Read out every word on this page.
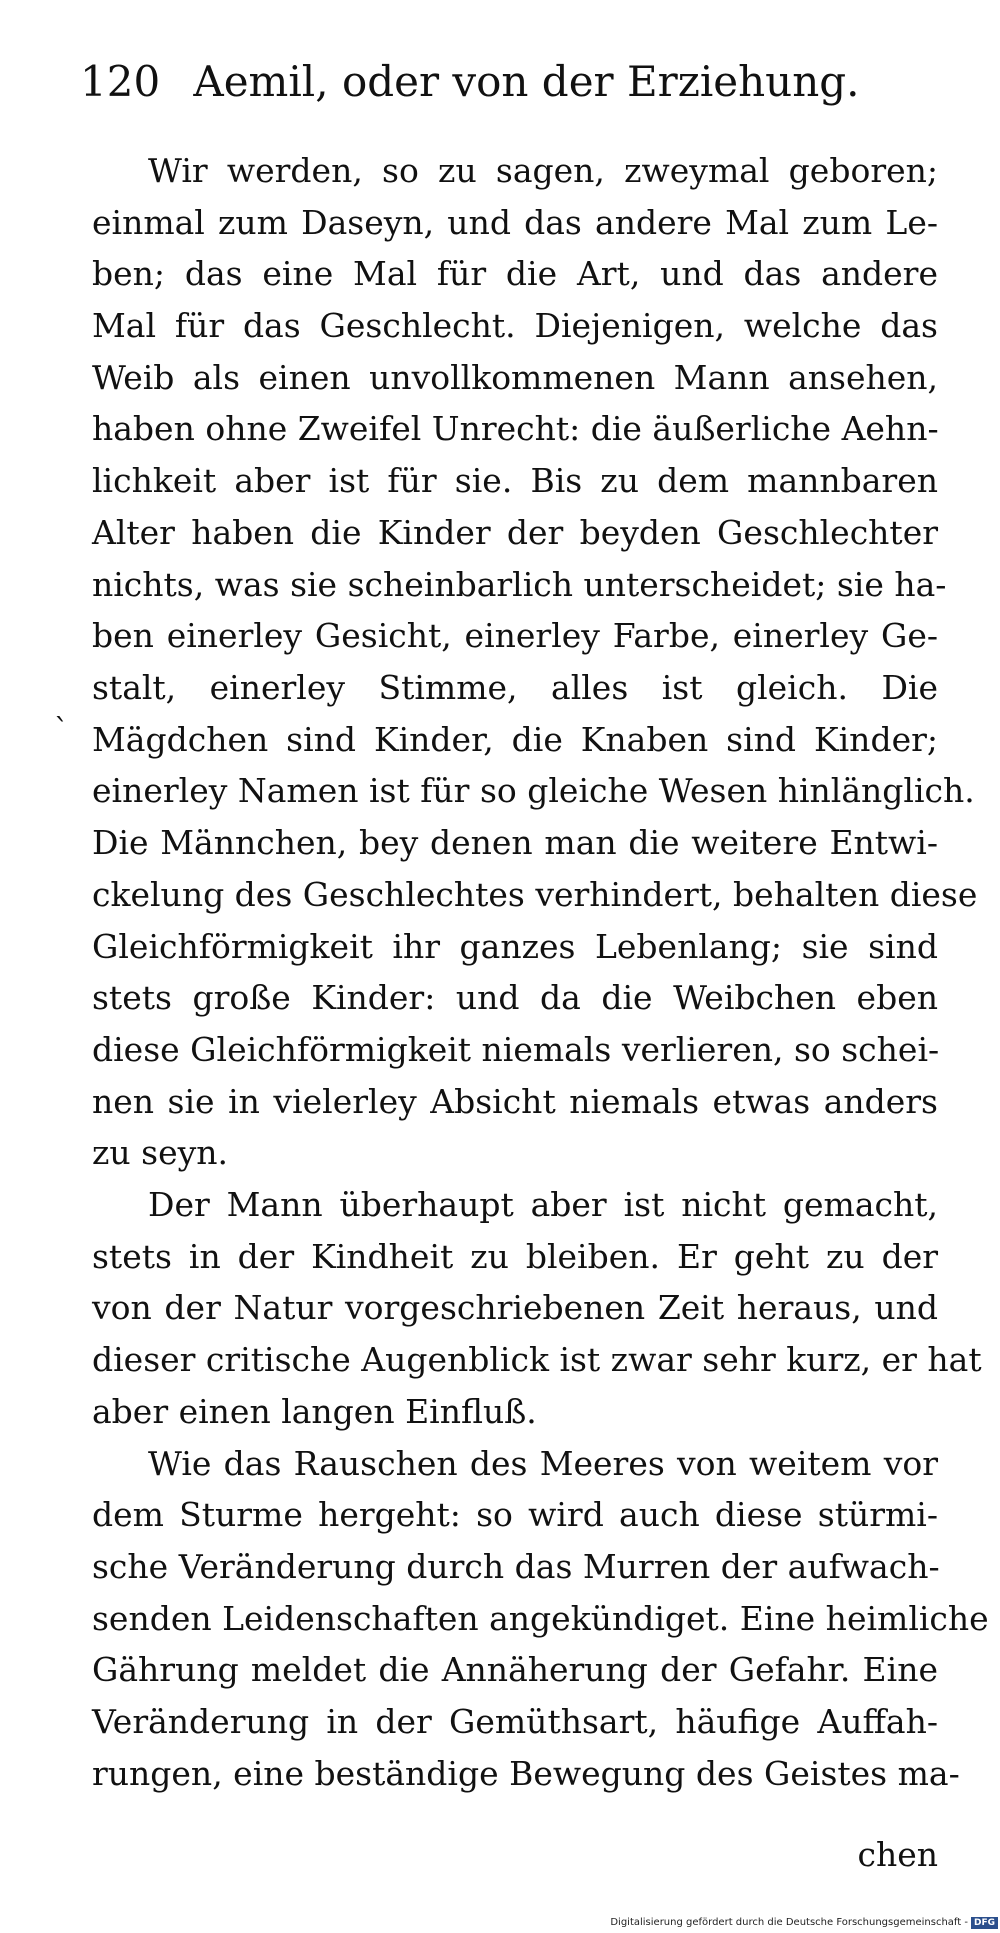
120 Aemil, oder von der Erziehung.
Wir werden, so zu sagen, zweymal geboren;
einmal zum Daseyn, und das andere Mal zum Le-
ben; das eine Mal für die Art, und das andere
Mal für das Geschlecht. Diejenigen, welche das
Weib als einen unvollkommenen Mann ansehen,
haben ohne Zweifel Unrecht: die äußerliche Aehn-
lichkeit aber ist für sie. Bis zu dem mannbaren
Alter haben die Kinder der beyden Geschlechter
nichts, was sie scheinbarlich unterscheidet; sie ha-
ben einerley Gesicht, einerley Farbe, einerley Ge-
stalt, einerley Stimme, alles ist gleich. Die
Mägdchen sind Kinder, die Knaben sind Kinder;
einerley Namen ist für so gleiche Wesen hinlänglich.
Die Männchen, bey denen man die weitere Entwi-
ckelung des Geschlechtes verhindert, behalten diese
Gleichförmigkeit ihr ganzes Lebenlang; sie sind
stets große Kinder: und da die Weibchen eben
diese Gleichförmigkeit niemals verlieren, so schei-
nen sie in vielerley Absicht niemals etwas anders
zu seyn.
Der Mann überhaupt aber ist nicht gemacht,
stets in der Kindheit zu bleiben. Er geht zu der
von der Natur vorgeschriebenen Zeit heraus, und
dieser critische Augenblick ist zwar sehr kurz, er hat
aber einen langen Einfluß.
Wie das Rauschen des Meeres von weitem vor
dem Sturme hergeht: so wird auch diese stürmi-
sche Veränderung durch das Murren der aufwach-
senden Leidenschaften angekündiget. Eine heimliche
Gährung meldet die Annäherung der Gefahr. Eine
Veränderung in der Gemüthsart, häufige Auffah-
rungen, eine beständige Bewegung des Geistes ma-
ˋ
chen
Digitalisierung gefördert durch die Deutsche Forschungsgemeinschaft - DFG
